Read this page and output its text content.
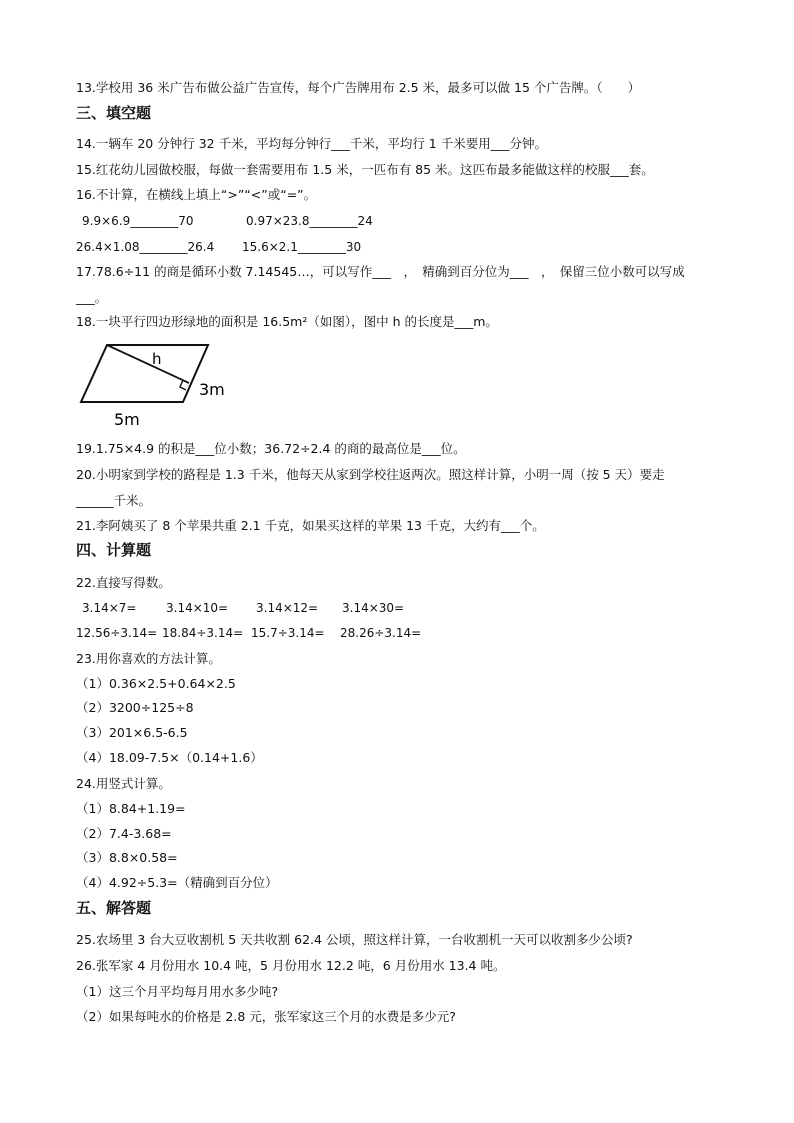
13.学校用 36 米广告布做公益广告宣传，每个广告牌用布 2.5 米，最多可以做 15 个广告牌。（　　）
三、填空题
14.一辆车 20 分钟行 32 千米，平均每分钟行___千米，平均行 1 千米要用___分钟。
15.红花幼儿园做校服，每做一套需要用布 1.5 米，一匹布有 85 米。这匹布最多能做这样的校服___套。
16.不计算，在横线上填上“>”“<”或“=”。
9.9×6.9________70	0.97×23.8________24
26.4×1.08________26.4 15.6×2.1________30
17.78.6÷11 的商是循环小数 7.14545…，可以写作___　，　精确到百分位为___　，　保留三位小数可以写成
___。
18.一块平行四边形绿地的面积是 16.5m²（如图），图中 h 的长度是___m。
h
3m
5m
19.1.75×4.9 的积是___位小数；36.72÷2.4 的商的最高位是___位。
20.小明家到学校的路程是 1.3 千米，他每天从家到学校往返两次。照这样计算，小明一周（按 5 天）要走
______千米。
21.李阿姨买了 8 个苹果共重 2.1 千克，如果买这样的苹果 13 千克，大约有___个。
四、计算题
22.直接写得数。
3.14×7= 3.14×10= 3.14×12= 3.14×30=
12.56÷3.14= 18.84÷3.14= 15.7÷3.14= 28.26÷3.14=
23.用你喜欢的方法计算。
（1）0.36×2.5+0.64×2.5
（2）3200÷125÷8
（3）201×6.5-6.5
（4）18.09-7.5×（0.14+1.6）
24.用竖式计算。
（1）8.84+1.19=
（2）7.4-3.68=
（3）8.8×0.58=
（4）4.92÷5.3=（精确到百分位）
五、解答题
25.农场里 3 台大豆收割机 5 天共收割 62.4 公顷，照这样计算，一台收割机一天可以收割多少公顷?
26.张军家 4 月份用水 10.4 吨，5 月份用水 12.2 吨，6 月份用水 13.4 吨。
（1）这三个月平均每月用水多少吨?
（2）如果每吨水的价格是 2.8 元，张军家这三个月的水费是多少元?
